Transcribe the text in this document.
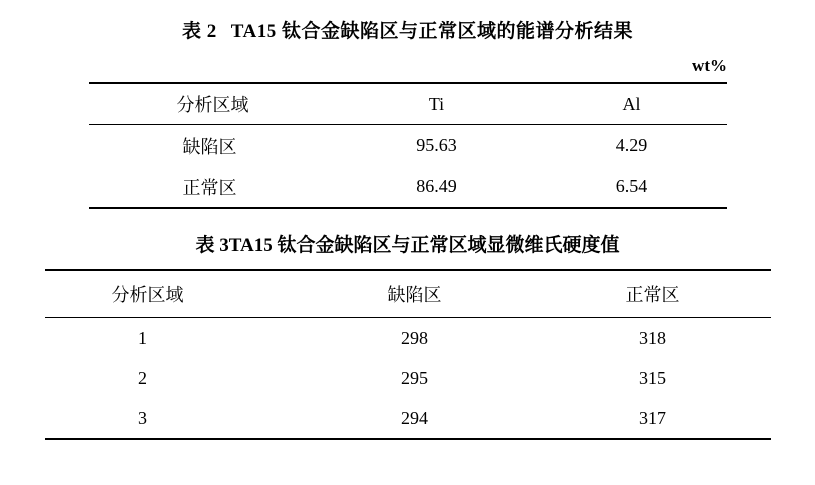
表 2 TA15 钛合金缺陷区与正常区域的能谱分析结果
wt%
分析区域	Ti	Al
缺陷区	95.63	4.29
正常区	86.49	6.54
表 3TA15 钛合金缺陷区与正常区域显微维氏硬度值
分析区域	缺陷区	正常区
1	298	318
2	295	315
3	294	317
